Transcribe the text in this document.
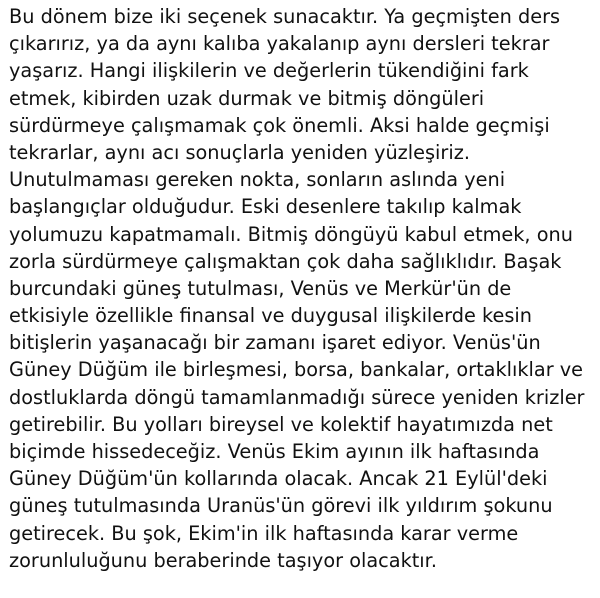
Bu dönem bize iki seçenek sunacaktır. Ya geçmişten ders
çıkarırız, ya da aynı kalıba yakalanıp aynı dersleri tekrar
yaşarız. Hangi ilişkilerin ve değerlerin tükendiğini fark
etmek, kibirden uzak durmak ve bitmiş döngüleri
sürdürmeye çalışmamak çok önemli. Aksi halde geçmişi
tekrarlar, aynı acı sonuçlarla yeniden yüzleşiriz.
Unutulmaması gereken nokta, sonların aslında yeni
başlangıçlar olduğudur. Eski desenlere takılıp kalmak
yolumuzu kapatmamalı. Bitmiş döngüyü kabul etmek, onu
zorla sürdürmeye çalışmaktan çok daha sağlıklıdır. Başak
burcundaki güneş tutulması, Venüs ve Merkür'ün de
etkisiyle özellikle finansal ve duygusal ilişkilerde kesin
bitişlerin yaşanacağı bir zamanı işaret ediyor. Venüs'ün
Güney Düğüm ile birleşmesi, borsa, bankalar, ortaklıklar ve
dostluklarda döngü tamamlanmadığı sürece yeniden krizler
getirebilir. Bu yolları bireysel ve kolektif hayatımızda net
biçimde hissedeceğiz. Venüs Ekim ayının ilk haftasında
Güney Düğüm'ün kollarında olacak. Ancak 21 Eylül'deki
güneş tutulmasında Uranüs'ün görevi ilk yıldırım şokunu
getirecek. Bu şok, Ekim'in ilk haftasında karar verme
zorunluluğunu beraberinde taşıyor olacaktır.
